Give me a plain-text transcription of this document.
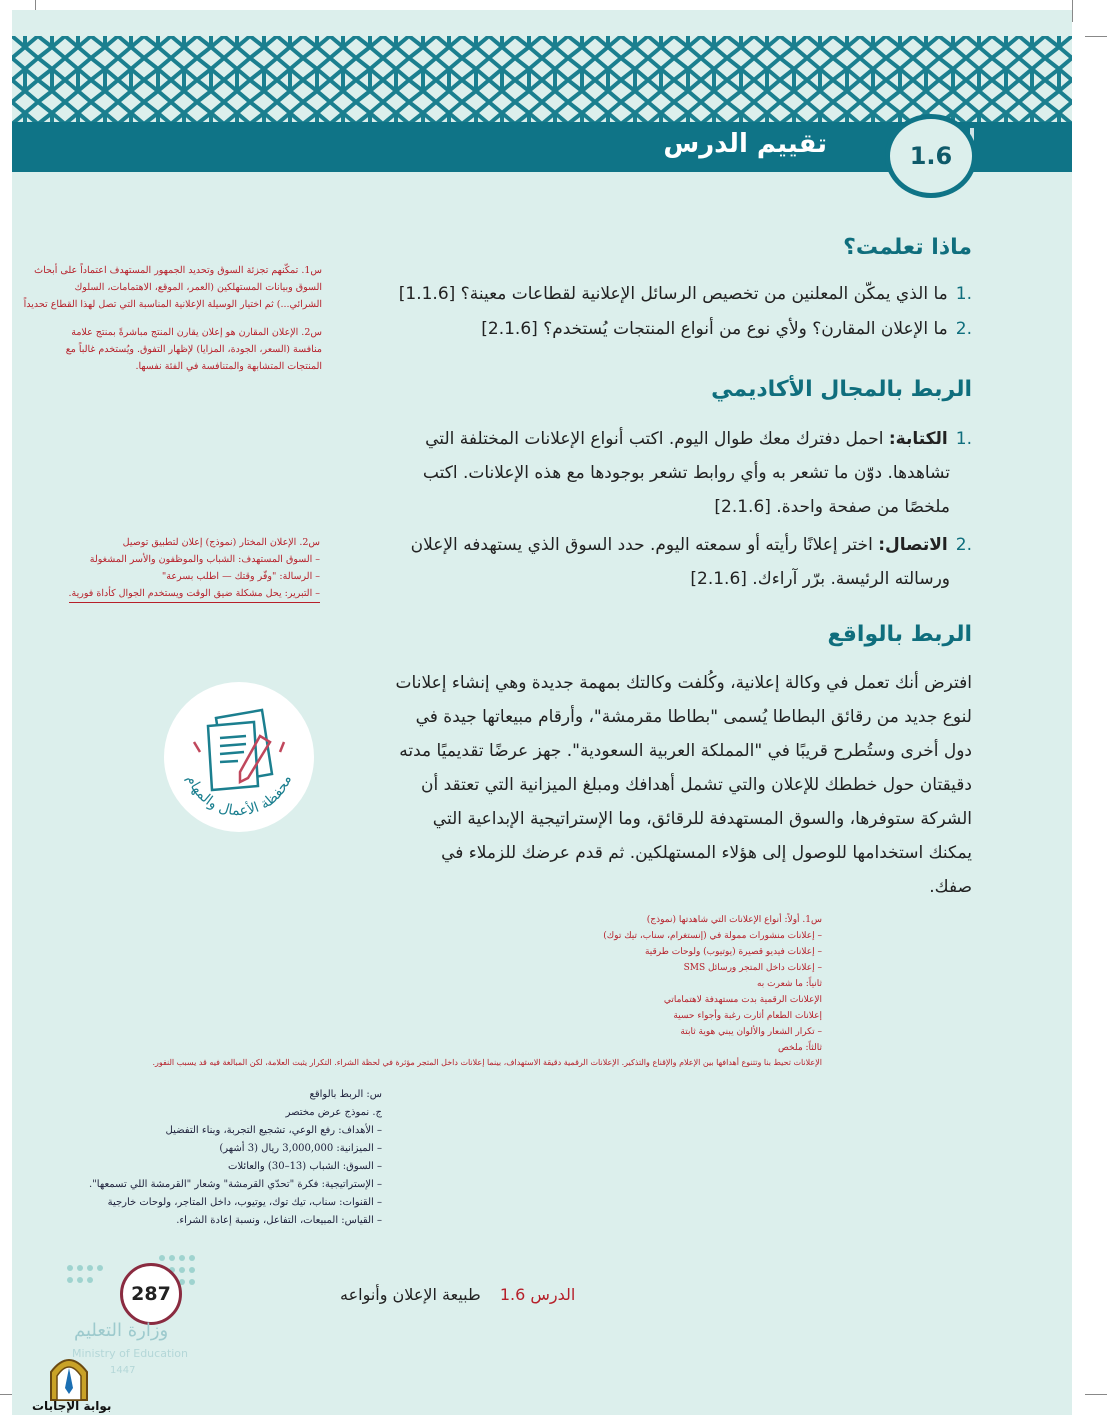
تقييم الدرس	1.6
ماذا تعلمت؟
.1ما الذي يمكّن المعلنين من تخصيص الرسائل الإعلانية لقطاعات معينة؟ [1.1.6]
.2ما الإعلان المقارن؟ ولأي نوع من أنواع المنتجات يُستخدم؟ [2.1.6]
الربط بالمجال الأكاديمي
.1الكتابة: احمل دفترك معك طوال اليوم. اكتب أنواع الإعلانات المختلفة التي
تشاهدها. دوّن ما تشعر به وأي روابط تشعر بوجودها مع هذه الإعلانات. اكتب
ملخصًا من صفحة واحدة. [2.1.6]
.2الاتصال: اختر إعلانًا رأيته أو سمعته اليوم. حدد السوق الذي يستهدفه الإعلان
ورسالته الرئيسة. برّر آراءك. [2.1.6]
الربط بالواقع
افترض أنك تعمل في وكالة إعلانية، وكُلفت وكالتك بمهمة جديدة وهي إنشاء إعلانات
لنوع جديد من رقائق البطاطا يُسمى "بطاطا مقرمشة"، وأرقام مبيعاتها جيدة في
دول أخرى وستُطرح قريبًا في "المملكة العربية السعودية". جهز عرضًا تقديميًا مدته
دقيقتان حول خططك للإعلان والتي تشمل أهدافك ومبلغ الميزانية التي تعتقد أن
الشركة ستوفرها، والسوق المستهدفة للرقائق، وما الإستراتيجية الإبداعية التي
يمكنك استخدامها للوصول إلى هؤلاء المستهلكين. ثم قدم عرضك للزملاء في
صفك.
محفظة الأعمال والمهام

س1. تمكّنهم تجزئة السوق وتحديد الجمهور المستهدف اعتماداً على أبحاث

السوق وبيانات المستهلكين (العمر، الموقع، الاهتمامات، السلوك

الشرائي...) ثم اختيار الوسيلة الإعلانية المناسبة التي تصل لهذا القطاع تحديداً

س2. الإعلان المقارن هو إعلان يقارن المنتج مباشرةً بمنتج علامة

منافسة (السعر، الجودة، المزايا) لإظهار التفوق. ويُستخدم غالباً مع

المنتجات المتشابهة والمتنافسة في الفئة نفسها.

س2. الإعلان المختار (نموذج) إعلان لتطبيق توصيل

– السوق المستهدف: الشباب والموظفون والأسر المشغولة

– الرسالة: "وفّر وقتك — اطلب بسرعة"

– التبرير: يحل مشكلة ضيق الوقت ويستخدم الجوال كأداة فورية.

س1. أولاً: أنواع الإعلانات التي شاهدتها (نموذج)

– إعلانات منشورات ممولة في (إنستغرام، سناب، تيك توك)

– إعلانات فيديو قصيرة (يوتيوب) ولوحات طرقية

– إعلانات داخل المتجر ورسائل SMS

ثانياً: ما شعرت به

الإعلانات الرقمية بدت مستهدفة لاهتماماتي

إعلانات الطعام أثارت رغبة وأجواء حسية

– تكرار الشعار والألوان يبني هوية ثابتة

ثالثاً: ملخص

الإعلانات تحيط بنا وتتنوع أهدافها بين الإعلام والإقناع والتذكير. الإعلانات الرقمية دقيقة الاستهداف، بينما إعلانات داخل المتجر مؤثرة في لحظة الشراء. التكرار يثبت العلامة، لكن المبالغة فيه قد يسبب النفور.

س: الربط بالواقع

ج. نموذج عرض مختصر

– الأهداف: رفع الوعي، تشجيع التجربة، وبناء التفضيل

– الميزانية: 3,000,000 ريال (3 أشهر)

– السوق: الشباب (13–30) والعائلات

– الإستراتيجية: فكرة "تحدّي القرمشة" وشعار "القرمشة اللي تسمعها".

– القنوات: سناب، تيك توك، يوتيوب، داخل المتاجر، ولوحات خارجية

– القياس: المبيعات، التفاعل، ونسبة إعادة الشراء.

الدرس 1.6 طبيعة الإعلان وأنواعه
287
وزارة التعليم
Ministry of Education
1447
بوابة الإجابات
